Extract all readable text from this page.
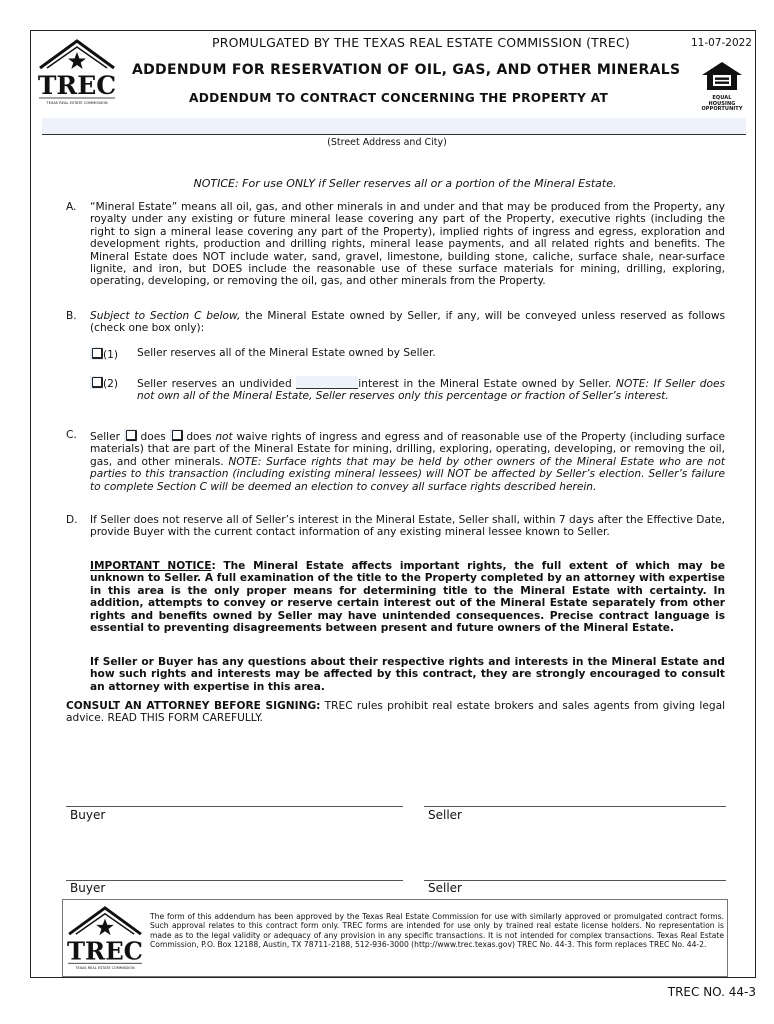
TREC
TEXAS REAL ESTATE COMMISSION
PROMULGATED BY THE TEXAS REAL ESTATE COMMISSION (TREC)	11-07-2022
ADDENDUM FOR RESERVATION OF OIL, GAS, AND OTHER MINERALS
ADDENDUM TO CONTRACT CONCERNING THE PROPERTY AT	EQUAL
HOUSING
OPPORTUNITY
(Street Address and City)
NOTICE: For use ONLY if Seller reserves all or a portion of the Mineral Estate.
A. “Mineral Estate” means all oil, gas, and other minerals in and under and that may be produced from the Property, any royalty under any existing or future mineral lease covering any part of the Property, executive rights (including the right to sign a mineral lease covering any part of the Property), implied rights of ingress and egress, exploration and development rights, production and drilling rights, mineral lease payments, and all related rights and benefits. The Mineral Estate does NOT include water, sand, gravel, limestone, building stone, caliche, surface shale, near-surface lignite, and iron, but DOES include the reasonable use of these surface materials for mining, drilling, exploring, operating, developing, or removing the oil, gas, and other minerals from the Property.
B. Subject to Section C below, the Mineral Estate owned by Seller, if any, will be conveyed unless reserved as follows (check one box only):
(1) Seller reserves all of the Mineral Estate owned by Seller.
(2) Seller reserves an undivided	interest in the Mineral Estate owned by Seller. NOTE: If Seller does not own all of the Mineral Estate, Seller reserves only this percentage or fraction of Seller’s interest.
C. Seller does does not waive rights of ingress and egress and of reasonable use of the Property (including surface materials) that are part of the Mineral Estate for mining, drilling, exploring, operating, developing, or removing the oil, gas, and other minerals. NOTE: Surface rights that may be held by other owners of the Mineral Estate who are not parties to this transaction (including existing mineral lessees) will NOT be affected by Seller’s election. Seller’s failure to complete Section C will be deemed an election to convey all surface rights described herein.
D. If Seller does not reserve all of Seller’s interest in the Mineral Estate, Seller shall, within 7 days after the Effective Date, provide Buyer with the current contact information of any existing mineral lessee known to Seller.
IMPORTANT NOTICE: The Mineral Estate affects important rights, the full extent of which may be unknown to Seller. A full examination of the title to the Property completed by an attorney with expertise in this area is the only proper means for determining title to the Mineral Estate with certainty. In addition, attempts to convey or reserve certain interest out of the Mineral Estate separately from other rights and benefits owned by Seller may have unintended consequences. Precise contract language is essential to preventing disagreements between present and future owners of the Mineral Estate.
If Seller or Buyer has any questions about their respective rights and interests in the Mineral Estate and how such rights and interests may be affected by this contract, they are strongly encouraged to consult an attorney with expertise in this area.
CONSULT AN ATTORNEY BEFORE SIGNING: TREC rules prohibit real estate brokers and sales agents from giving legal advice. READ THIS FORM CAREFULLY.
Buyer	Seller
Buyer	Seller
TREC
TEXAS REAL ESTATE COMMISSION
The form of this addendum has been approved by the Texas Real Estate Commission for use with similarly approved or promulgated contract forms. Such approval relates to this contract form only. TREC forms are intended for use only by trained real estate license holders. No representation is made as to the legal validity or adequacy of any provision in any specific transactions. It is not intended for complex transactions. Texas Real Estate Commission, P.O. Box 12188, Austin, TX 78711-2188, 512-936-3000 (http://www.trec.texas.gov) TREC No. 44-3. This form replaces TREC No. 44-2.
TREC NO. 44-3
